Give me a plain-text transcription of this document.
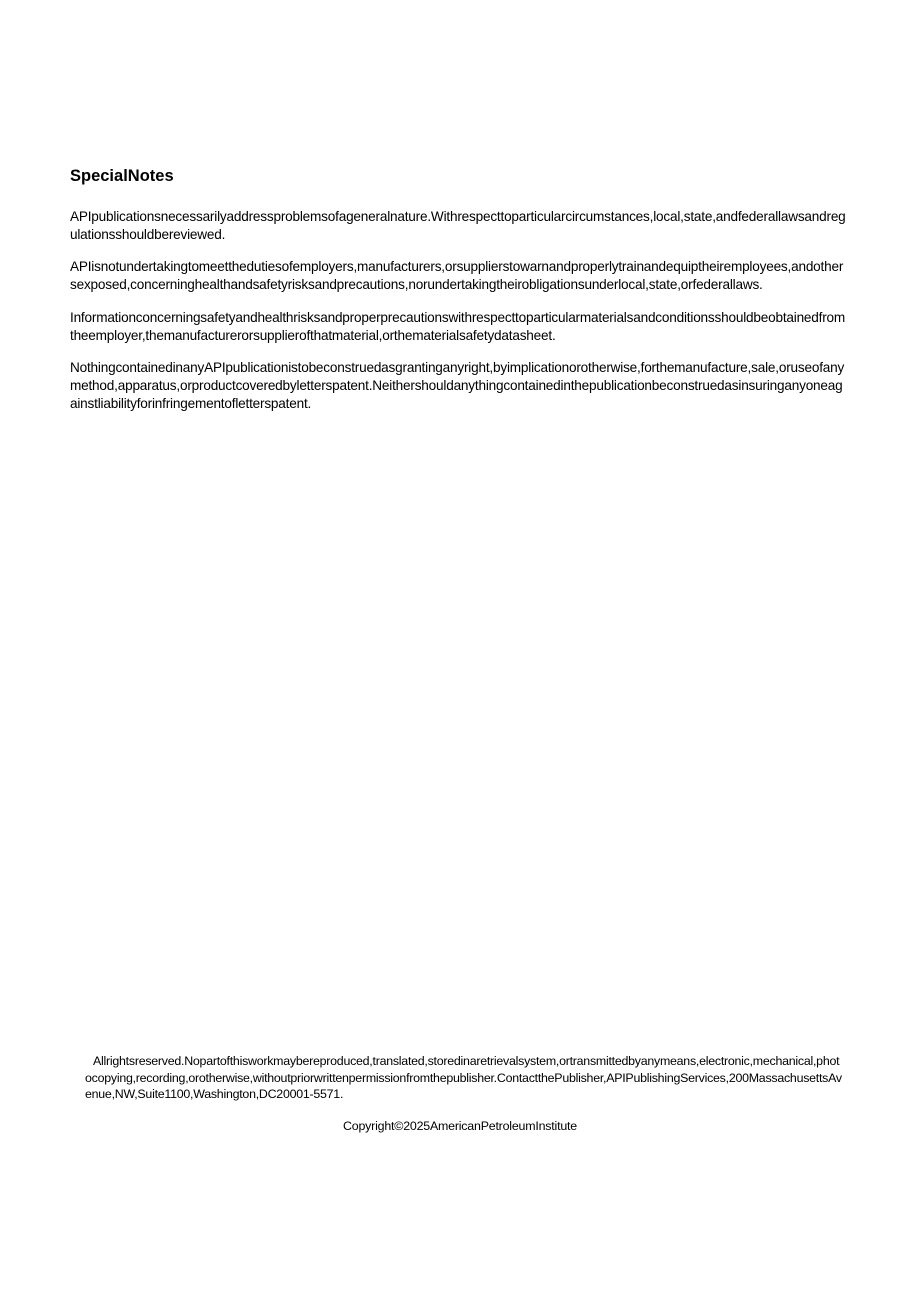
SpecialNotes

APIpublicationsnecessarilyaddressproblemsofageneralnature.Withrespecttoparticularcircumstances,local,state,andfederallawsandregulationsshouldbereviewed.

APIisnotundertakingtomeetthedutiesofemployers,manufacturers,orsupplierstowarnandproperlytrainandequiptheiremployees,andothersexposed,concerninghealthandsafetyrisksandprecautions,norundertakingtheirobligationsunderlocal,state,orfederallaws.

Informationconcerningsafetyandhealthrisksandproperprecautionswithrespecttoparticularmaterialsandconditionsshouldbeobtainedfromtheemployer,themanufacturerorsupplierofthatmaterial,orthematerialsafetydatasheet.

NothingcontainedinanyAPIpublicationistobeconstruedasgrantinganyright,byimplicationorotherwise,forthemanufacture,sale,oruseofanymethod,apparatus,orproductcoveredbyletterspatent.Neithershouldanythingcontainedinthepublicationbeconstruedasinsuringanyoneagainstliabilityforinfringementofletterspatent.

Allrightsreserved.Nopartofthisworkmaybereproduced,translated,storedinaretrievalsystem,ortransmittedbyanymeans,electronic,mechanical,photocopying,recording,orotherwise,withoutpriorwrittenpermissionfromthepublisher.ContactthePublisher,APIPublishingServices,200MassachusettsAvenue,NW,Suite1100,Washington,DC20001-5571.

Copyright©2025AmericanPetroleumInstitute
